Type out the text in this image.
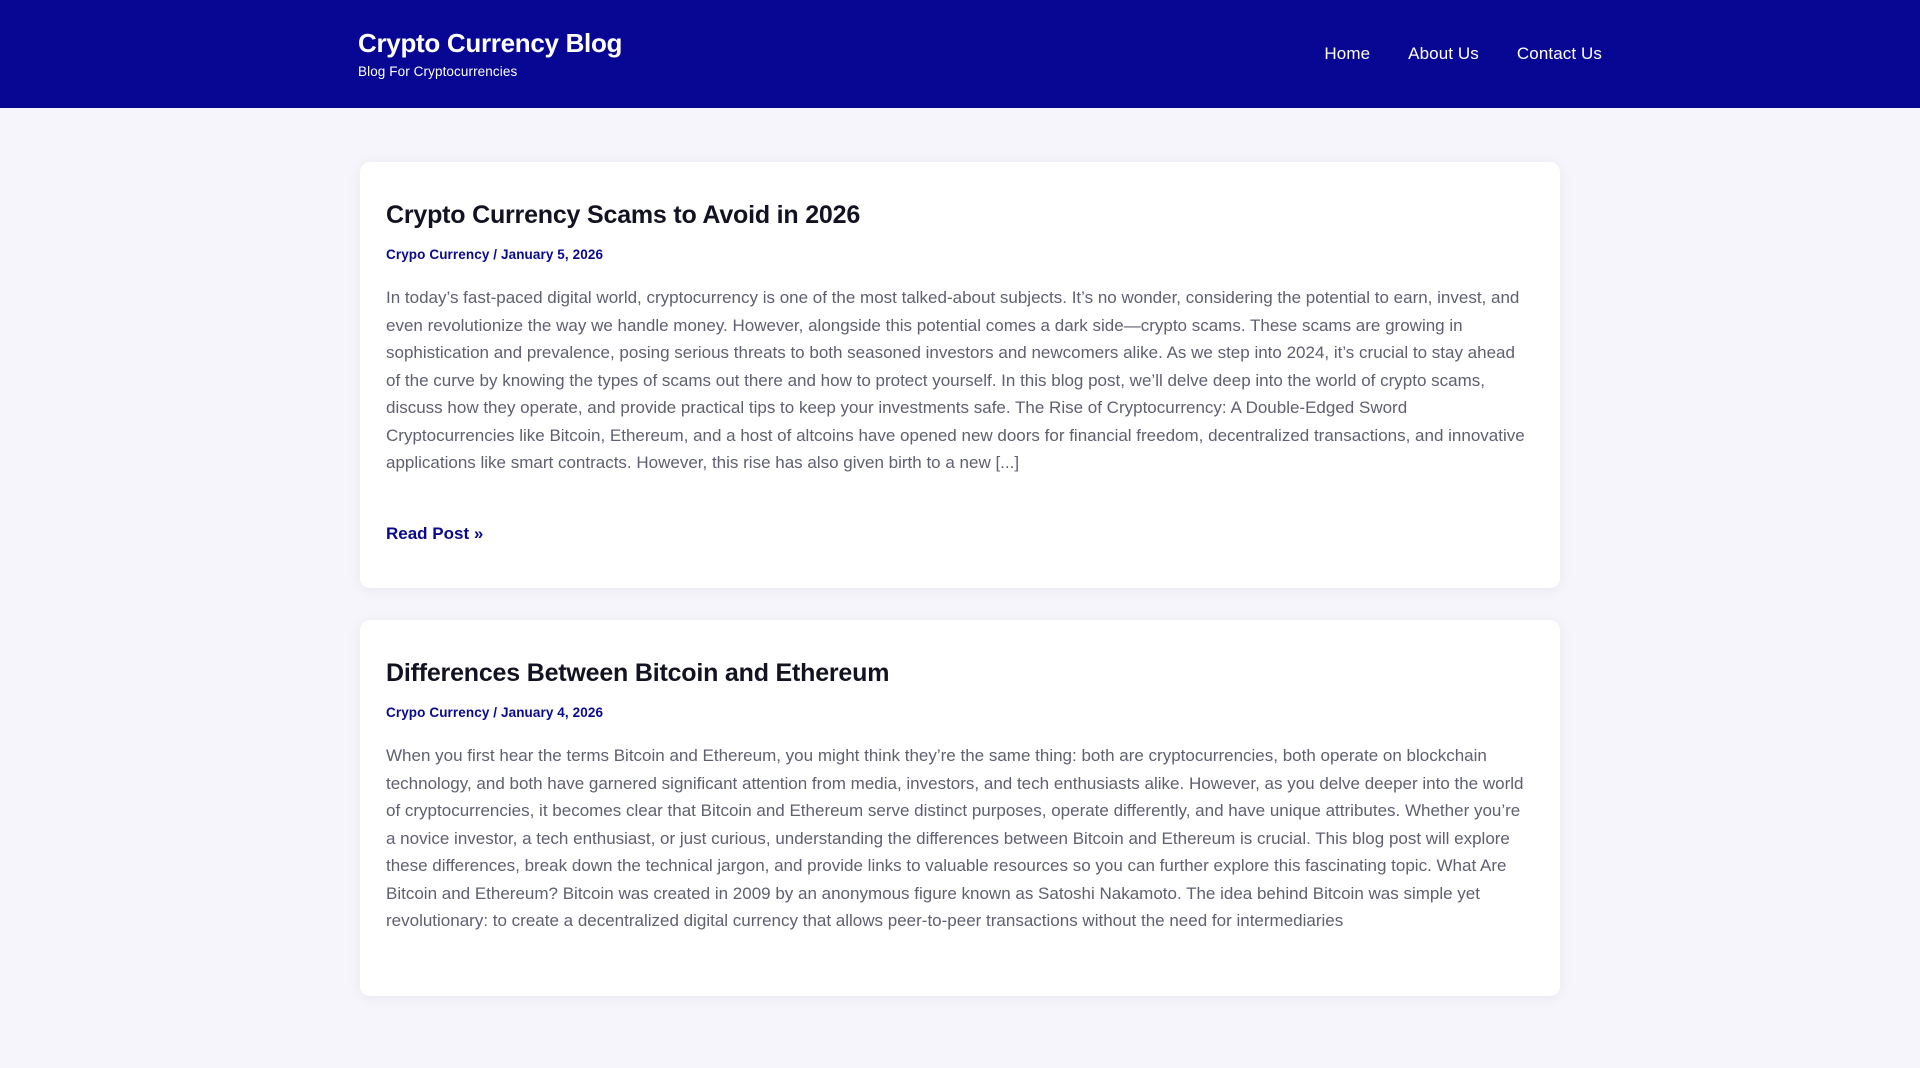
Crypto Currency Blog
Blog For Cryptocurrencies
Home About Us Contact Us
Crypto Currency Scams to Avoid in 2026
Crypo Currency / January 5, 2026

In today’s fast-paced digital world, cryptocurrency is one of the most talked-about subjects. It’s no wonder, considering the potential to earn, invest, and even revolutionize the way we handle money. However, alongside this potential comes a dark side—crypto scams. These scams are growing in sophistication and prevalence, posing serious threats to both seasoned investors and newcomers alike. As we step into 2024, it’s crucial to stay ahead of the curve by knowing the types of scams out there and how to protect yourself. In this blog post, we’ll delve deep into the world of crypto scams, discuss how they operate, and provide practical tips to keep your investments safe. The Rise of Cryptocurrency: A Double-Edged Sword Cryptocurrencies like Bitcoin, Ethereum, and a host of altcoins have opened new doors for financial freedom, decentralized transactions, and innovative applications like smart contracts. However, this rise has also given birth to a new [...]

Read Post »
Differences Between Bitcoin and Ethereum
Crypo Currency / January 4, 2026

When you first hear the terms Bitcoin and Ethereum, you might think they’re the same thing: both are cryptocurrencies, both operate on blockchain technology, and both have garnered significant attention from media, investors, and tech enthusiasts alike. However, as you delve deeper into the world of cryptocurrencies, it becomes clear that Bitcoin and Ethereum serve distinct purposes, operate differently, and have unique attributes. Whether you’re a novice investor, a tech enthusiast, or just curious, understanding the differences between Bitcoin and Ethereum is crucial. This blog post will explore these differences, break down the technical jargon, and provide links to valuable resources so you can further explore this fascinating topic. What Are Bitcoin and Ethereum? Bitcoin was created in 2009 by an anonymous figure known as Satoshi Nakamoto. The idea behind Bitcoin was simple yet revolutionary: to create a decentralized digital currency that allows peer-to-peer transactions without the need for intermediaries
